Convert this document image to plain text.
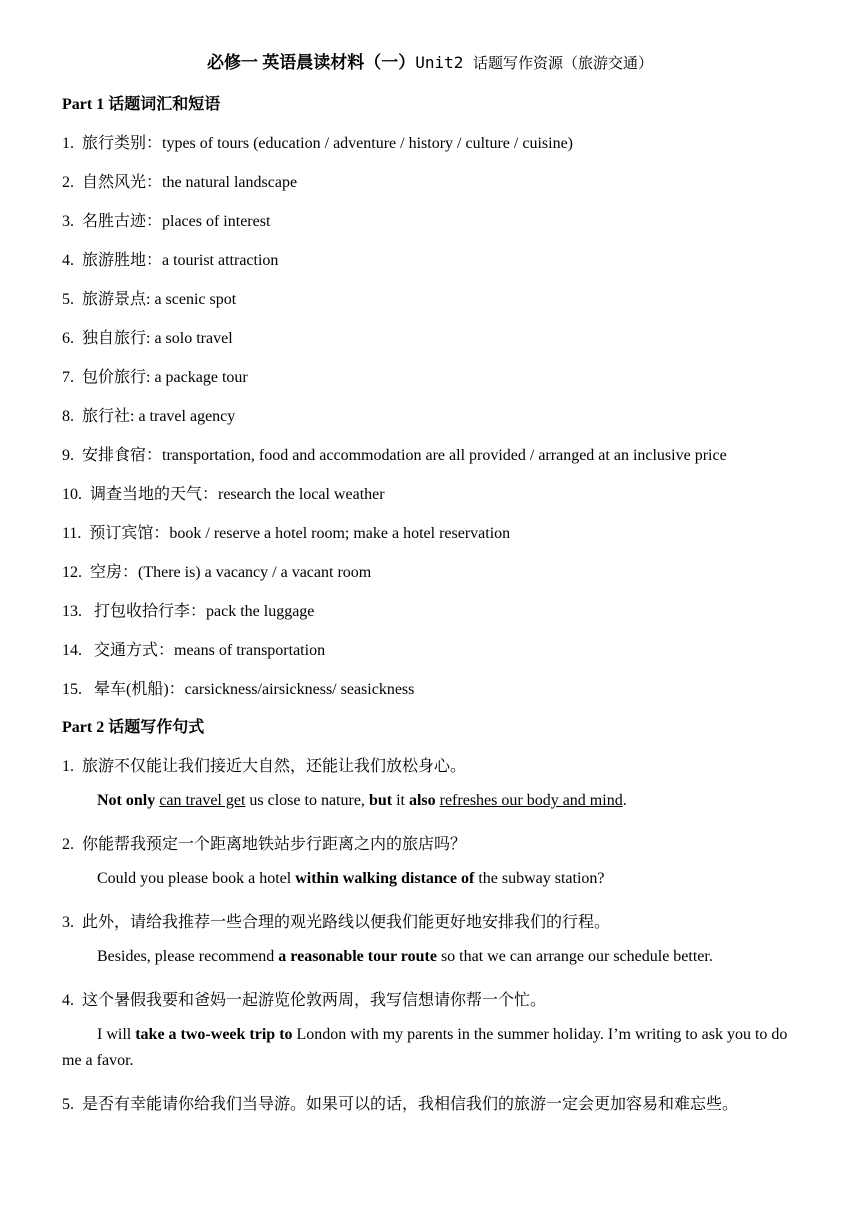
必修一 英语晨读材料（一）Unit2 话题写作资源（旅游交通）
Part 1 话题词汇和短语
1. 旅行类别：types of tours (education / adventure / history / culture / cuisine)
2. 自然风光：the natural landscape
3. 名胜古迹：places of interest
4. 旅游胜地：a tourist attraction
5. 旅游景点: a scenic spot
6. 独自旅行: a solo travel
7. 包价旅行: a package tour
8. 旅行社: a travel agency
9. 安排食宿：transportation, food and accommodation are all provided / arranged at an inclusive price
10. 调查当地的天气：research the local weather
11. 预订宾馆：book / reserve a hotel room; make a hotel reservation
12. 空房：(There is) a vacancy / a vacant room
13.   打包收拾行李：pack the luggage
14.   交通方式：means of transportation
15.   晕车(机船)：carsickness/airsickness/ seasickness
Part 2 话题写作句式
1. 旅游不仅能让我们接近大自然，还能让我们放松身心。
Not only can travel get us close to nature, but it also refreshes our body and mind.
2. 你能帮我预定一个距离地铁站步行距离之内的旅店吗？
Could you please book a hotel within walking distance of the subway station?
3. 此外，请给我推荐一些合理的观光路线以便我们能更好地安排我们的行程。
Besides, please recommend a reasonable tour route so that we can arrange our schedule better.
4. 这个暑假我要和爸妈一起游览伦敦两周，我写信想请你帮一个忙。
I will take a two-week trip to London with my parents in the summer holiday. I’m writing to ask you to do me a favor.
5. 是否有幸能请你给我们当导游。如果可以的话，我相信我们的旅游一定会更加容易和难忘些。
